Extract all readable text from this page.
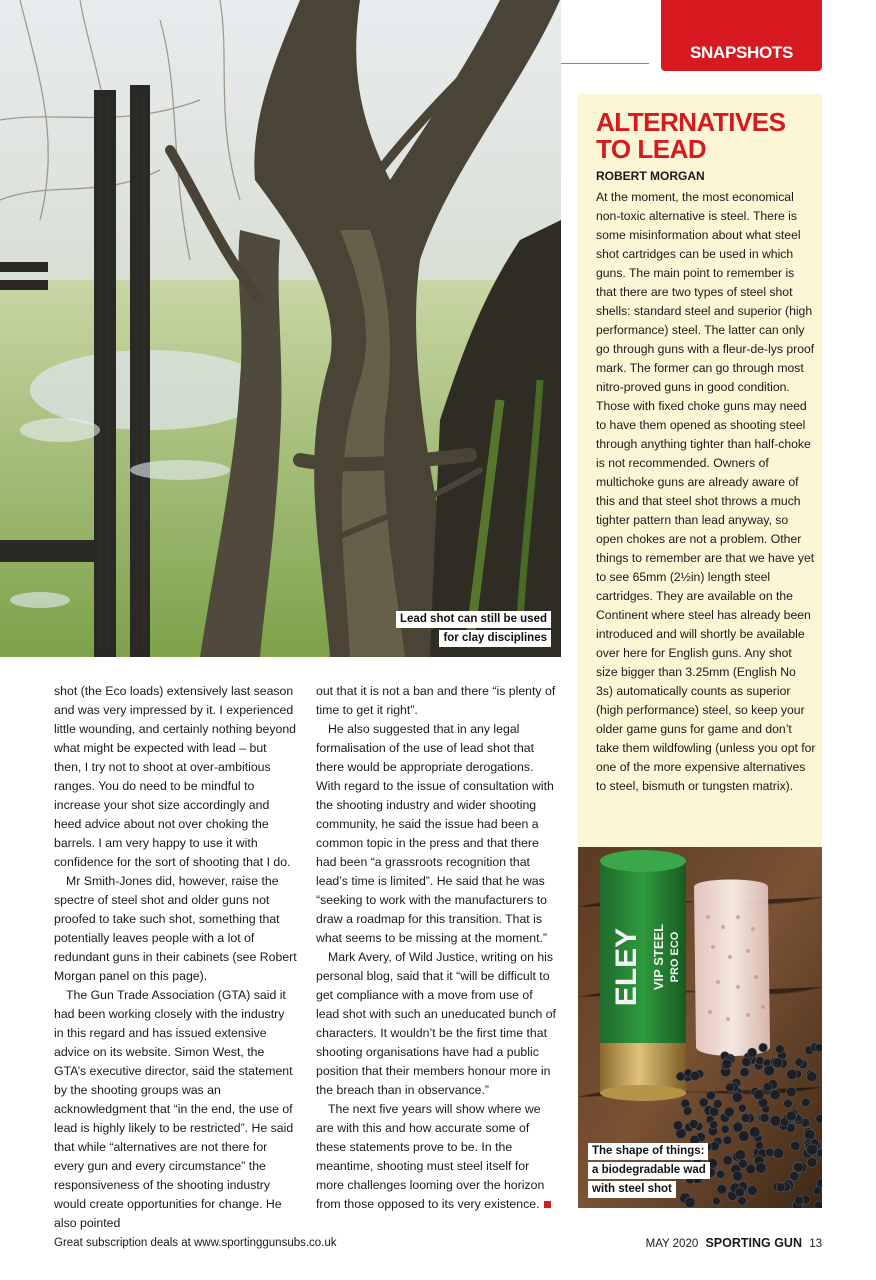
Lead shot can still be used
for clay disciplines
SNAPSHOTS
ALTERNATIVES
TO LEAD
ROBERT MORGAN
At the moment, the most economical non-toxic alternative is steel. There is some misinformation about what steel shot cartridges can be used in which guns. The main point to remember is that there are two types of steel shot shells: standard steel and superior (high performance) steel. The latter can only go through guns with a fleur-de-lys proof mark. The former can go through most nitro-proved guns in good condition. Those with fixed choke guns may need to have them opened as shooting steel through anything tighter than half-choke is not recommended. Owners of multichoke guns are already aware of this and that steel shot throws a much tighter pattern than lead anyway, so open chokes are not a problem. Other things to remember are that we have yet to see 65mm (2½in) length steel cartridges. They are available on the Continent where steel has already been introduced and will shortly be available over here for English guns. Any shot size bigger than 3.25mm (English No 3s) automatically counts as superior (high performance) steel, so keep your older game guns for game and don’t take them wildfowling (unless you opt for one of the more expensive alternatives to steel, bismuth or tungsten matrix).
ELEY VIP STEEL PRO ECO
The shape of things:
a biodegradable wad
with steel shot

shot (the Eco loads) extensively last season and was very impressed by it. I experienced little wounding, and certainly nothing beyond what might be expected with lead – but then, I try not to shoot at over-ambitious ranges. You do need to be mindful to increase your shot size accordingly and heed advice about not over choking the barrels. I am very happy to use it with confidence for the sort of shooting that I do.

Mr Smith-Jones did, however, raise the spectre of steel shot and older guns not proofed to take such shot, something that potentially leaves people with a lot of redundant guns in their cabinets (see Robert Morgan panel on this page).

The Gun Trade Association (GTA) said it had been working closely with the industry in this regard and has issued extensive advice on its website. Simon West, the GTA’s executive director, said the statement by the shooting groups was an acknowledgment that “in the end, the use of lead is highly likely to be restricted”. He said that while “alternatives are not there for every gun and every circumstance” the responsiveness of the shooting industry would create opportunities for change. He also pointed

out that it is not a ban and there “is plenty of time to get it right”.

He also suggested that in any legal formalisation of the use of lead shot that there would be appropriate derogations. With regard to the issue of consultation with the shooting industry and wider shooting community, he said the issue had been a common topic in the press and that there had been “a grassroots recognition that lead’s time is limited”. He said that he was “seeking to work with the manufacturers to draw a roadmap for this transition. That is what seems to be missing at the moment.”

Mark Avery, of Wild Justice, writing on his personal blog, said that it “will be difficult to get compliance with a move from use of lead shot with such an uneducated bunch of characters. It wouldn’t be the first time that shooting organisations have had a public position that their members honour more in the breach than in observance.”

The next five years will show where we are with this and how accurate some of these statements prove to be. In the meantime, shooting must steel itself for more challenges looming over the horizon from those opposed to its very existence.

Great subscription deals at www.sportinggunsubs.co.uk	MAY 2020 SPORTING GUN 13
